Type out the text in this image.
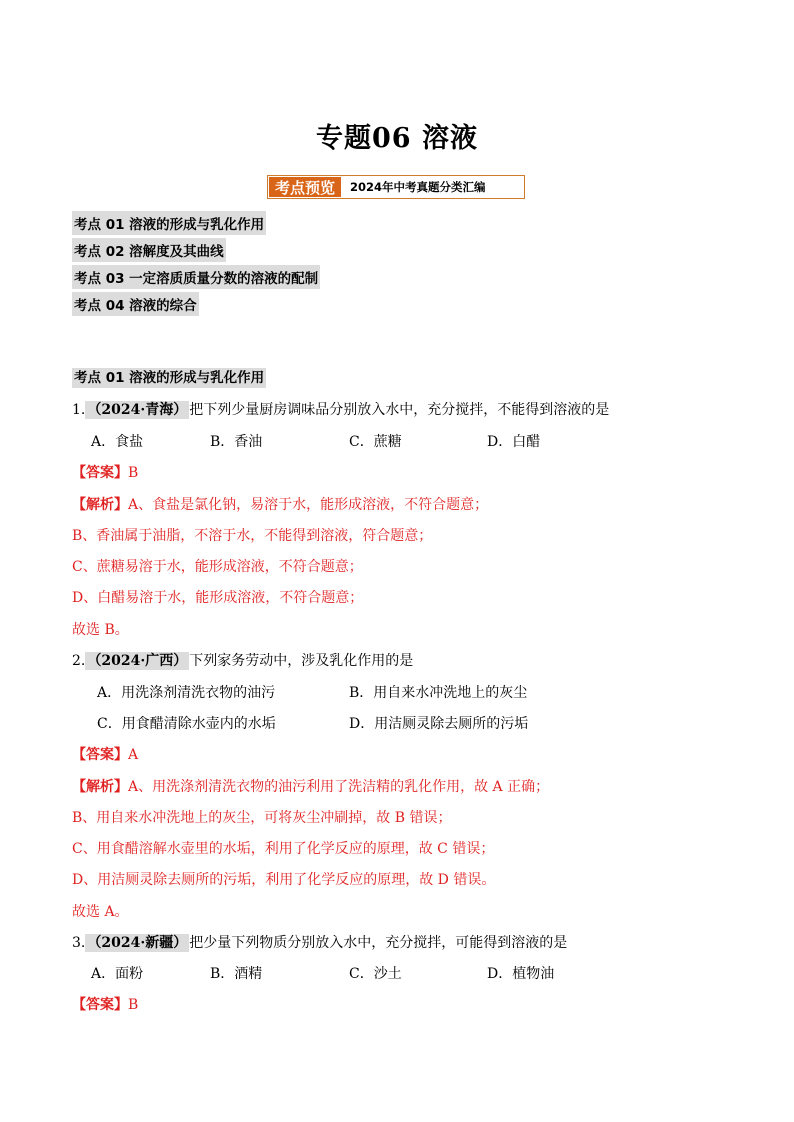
专题06 溶液
考点预览	2024年中考真题分类汇编
考点 01 溶液的形成与乳化作用
考点 02 溶解度及其曲线
考点 03 一定溶质质量分数的溶液的配制
考点 04 溶液的综合
考点 01 溶液的形成与乳化作用
1. （2024·青海） 把下列少量厨房调味品分别放入水中，充分搅拌，不能得到溶液的是
A．食盐	B．香油	C．蔗糖	D．白醋
【答案】B
【解析】A、食盐是氯化钠，易溶于水，能形成溶液，不符合题意；
B、香油属于油脂，不溶于水，不能得到溶液，符合题意；
C、蔗糖易溶于水，能形成溶液，不符合题意；
D、白醋易溶于水，能形成溶液，不符合题意；
故选 B。
2. （2024·广西） 下列家务劳动中，涉及乳化作用的是
A．用洗涤剂清洗衣物的油污	B．用自来水冲洗地上的灰尘
C．用食醋清除水壶内的水垢	D．用洁厕灵除去厕所的污垢
【答案】A
【解析】A、用洗涤剂清洗衣物的油污利用了洗洁精的乳化作用，故 A 正确；
B、用自来水冲洗地上的灰尘，可将灰尘冲刷掉，故 B 错误；
C、用食醋溶解水壶里的水垢，利用了化学反应的原理，故 C 错误；
D、用洁厕灵除去厕所的污垢，利用了化学反应的原理，故 D 错误。
故选 A。
3. （2024·新疆） 把少量下列物质分别放入水中，充分搅拌，可能得到溶液的是
A．面粉	B．酒精	C．沙土	D．植物油
【答案】B
